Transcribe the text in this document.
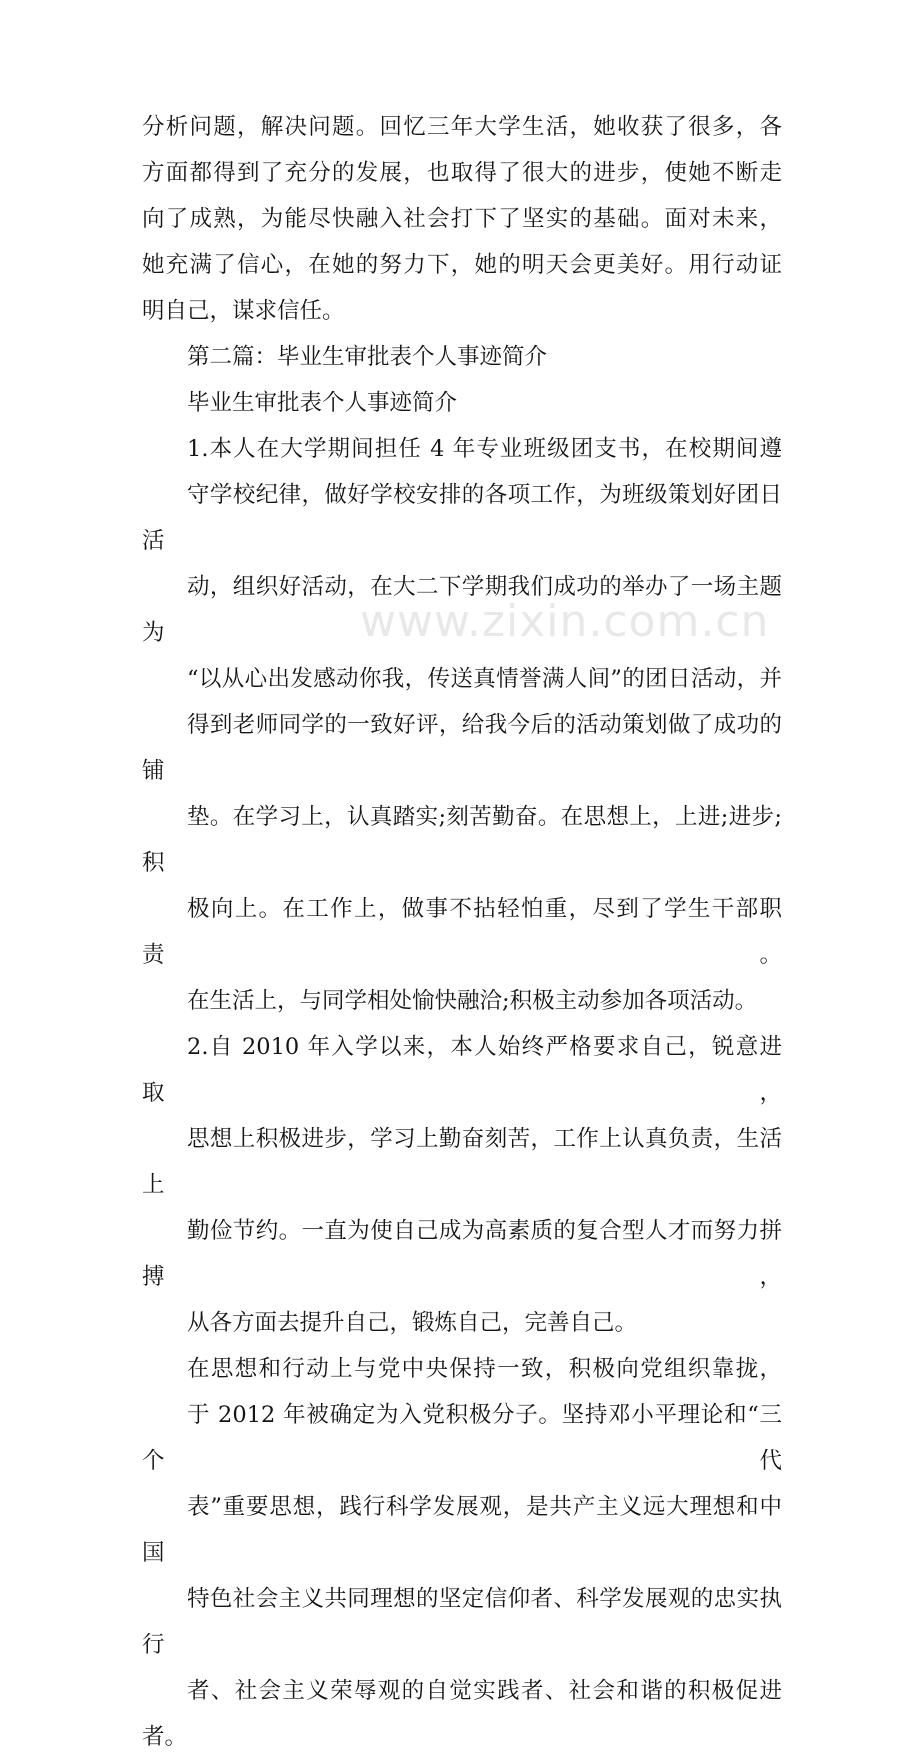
分析问题，解决问题。回忆三年大学生活，她收获了很多，各
方面都得到了充分的发展，也取得了很大的进步，使她不断走
向了成熟，为能尽快融入社会打下了坚实的基础。面对未来，
她充满了信心，在她的努力下，她的明天会更美好。用行动证
明自己，谋求信任。

第二篇：毕业生审批表个人事迹简介

毕业生审批表个人事迹简介

1.本人在大学期间担任 4 年专业班级团支书，在校期间遵
守学校纪律，做好学校安排的各项工作，为班级策划好团日活
动，组织好活动，在大二下学期我们成功的举办了一场主题为
“以从心出发感动你我，传送真情誉满人间”的团日活动，并
得到老师同学的一致好评，给我今后的活动策划做了成功的铺
垫。在学习上，认真踏实;刻苦勤奋。在思想上，上进;进步;积
极向上。在工作上，做事不拈轻怕重，尽到了学生干部职责。
在生活上，与同学相处愉快融洽;积极主动参加各项活动。

2.自 2010 年入学以来，本人始终严格要求自己，锐意进取，
思想上积极进步，学习上勤奋刻苦，工作上认真负责，生活上
勤俭节约。一直为使自己成为高素质的复合型人才而努力拼搏，
从各方面去提升自己，锻炼自己，完善自己。

在思想和行动上与党中央保持一致，积极向党组织靠拢，
于 2012 年被确定为入党积极分子。坚持邓小平理论和“三个代
表”重要思想，践行科学发展观，是共产主义远大理想和中国
特色社会主义共同理想的坚定信仰者、科学发展观的忠实执行
者、社会主义荣辱观的自觉实践者、社会和谐的积极促进者。

www.zixin.com.cn
